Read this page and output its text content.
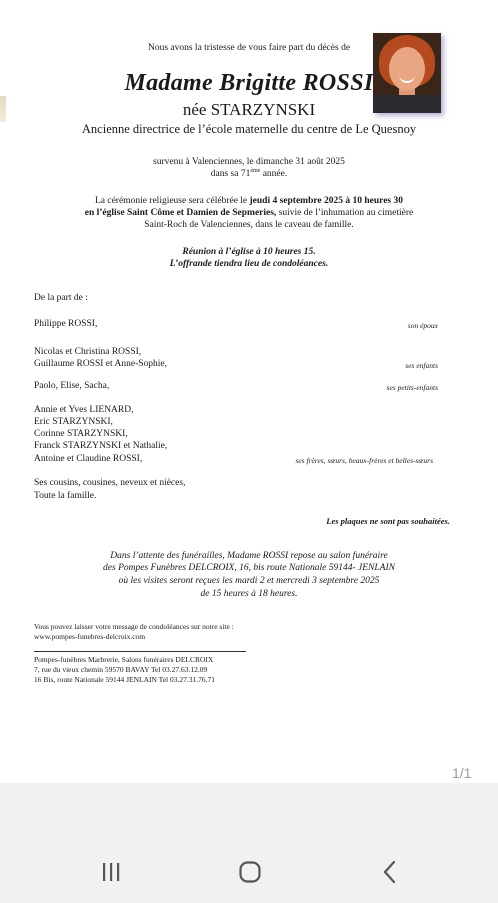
Nous avons la tristesse de vous faire part du décès de
Madame Brigitte ROSSI
née STARZYNSKI
Ancienne directrice de l’école maternelle du centre de Le Quesnoy
survenu à Valenciennes, le dimanche 31 août 2025
dans sa 71ème année.
La cérémonie religieuse sera célébrée le jeudi 4 septembre 2025 à 10 heures 30
en l’église Saint Côme et Damien de Sepmeries, suivie de l’inhumation au cimetière
Saint-Roch de Valenciennes, dans le caveau de famille.
Réunion à l’église à 10 heures 15.
L’offrande tiendra lieu de condoléances.
De la part de :
Philippe ROSSI,	son époux
Nicolas et Christina ROSSI,
Guillaume ROSSI et Anne-Sophie,	ses enfants
Paolo, Elise, Sacha,	ses petits-enfants
Annie et Yves LIENARD,
Eric STARZYNSKI,
Corinne STARZYNSKI,
Franck STARZYNSKI et Nathalie,
Antoine et Claudine ROSSI,	ses frères, sœurs, beaux-frères et belles-sœurs
Ses cousins, cousines, neveux et nièces,
Toute la famille.
Les plaques ne sont pas souhaitées.
Dans l’attente des funérailles, Madame ROSSI repose au salon funéraire
des Pompes Funèbres DELCROIX, 16, bis route Nationale 59144- JENLAIN
où les visites seront reçues les mardi 2 et mercredi 3 septembre 2025
de 15 heures à 18 heures.
Vous pouvez laisser votre message de condoléances sur notre site :
www.pompes-funebres-delcroix.com
Pompes-funèbres Marbrerie, Salons funéraires DELCROIX
7, rue du vieux chemin 59570 BAVAY Tel 03.27.63.12.09
16 Bis, route Nationale 59144 JENLAIN Tel 03.27.31.76.71
1/1
